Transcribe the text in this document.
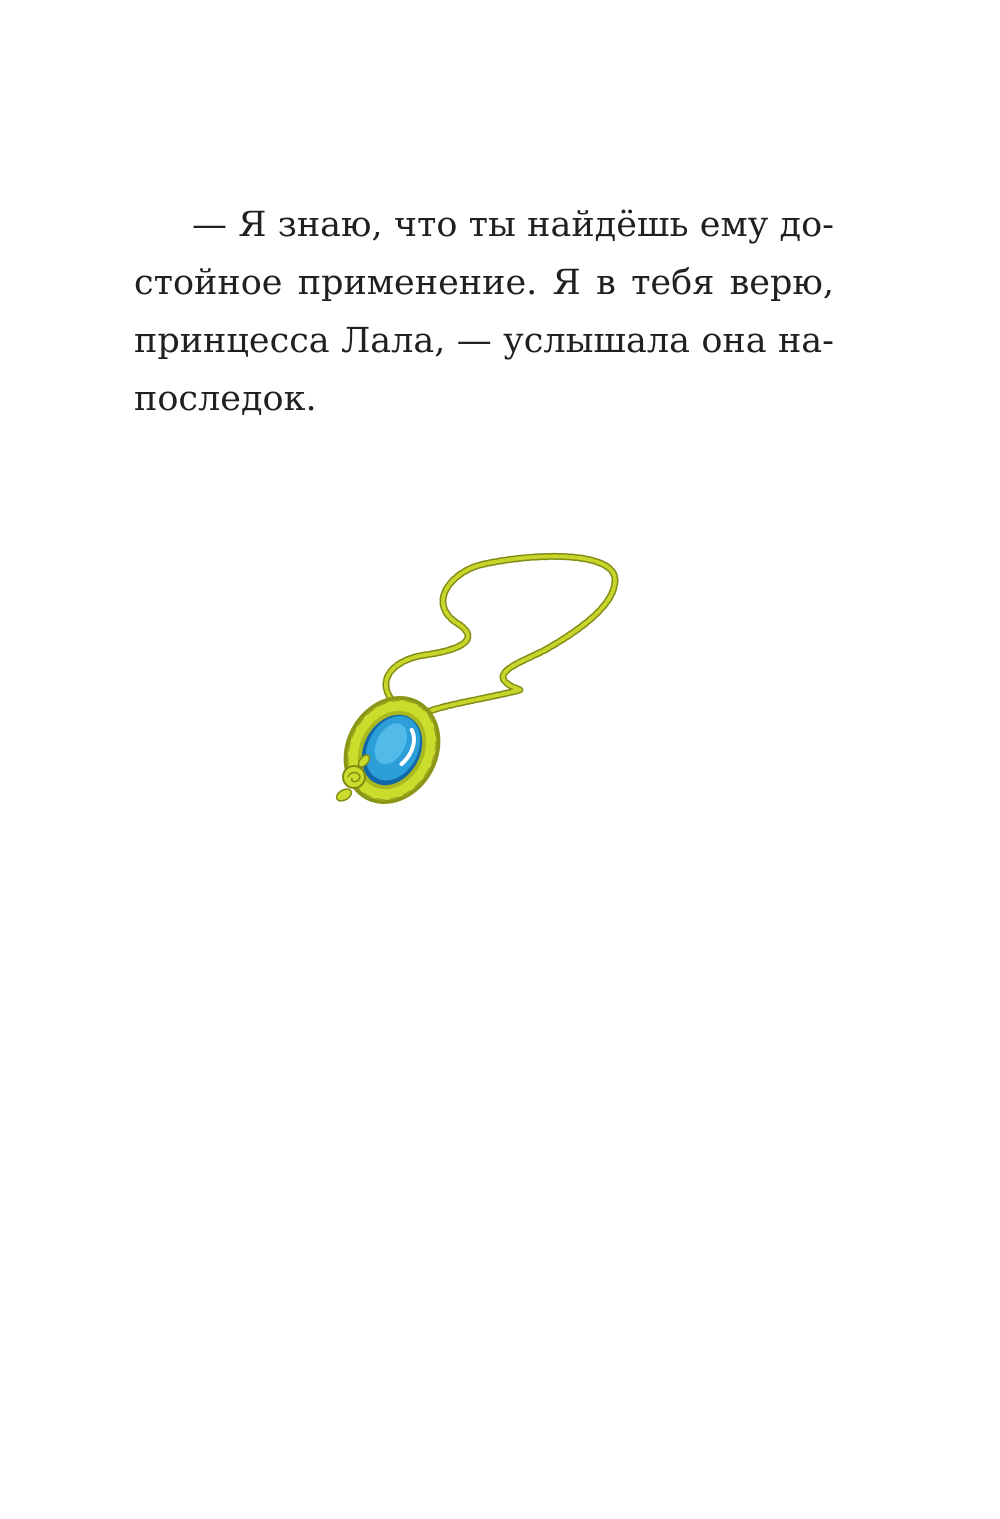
— Я знаю, что ты найдёшь ему до-
стойное применение. Я в тебя верю,
принцесса Лала, — услышала она на-
последок.
